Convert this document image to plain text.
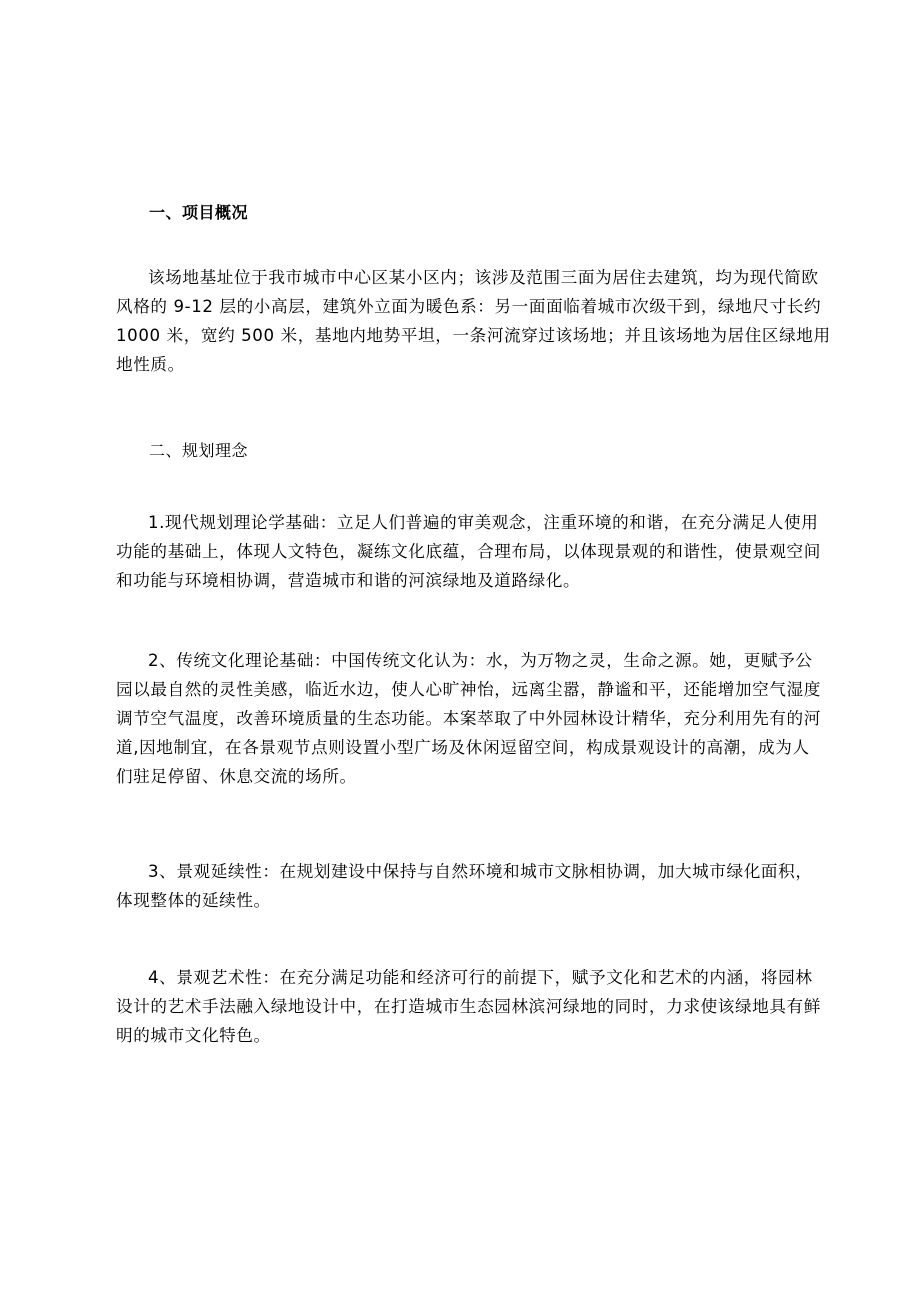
一、项目概况
该场地基址位于我市城市中心区某小区内；该涉及范围三面为居住去建筑，均为现代简欧
风格的 9-12 层的小高层，建筑外立面为暖色系：另一面面临着城市次级干到，绿地尺寸长约
1000 米，宽约 500 米，基地内地势平坦，一条河流穿过该场地；并且该场地为居住区绿地用
地性质。
二、规划理念
1.现代规划理论学基础：立足人们普遍的审美观念，注重环境的和谐，在充分满足人使用
功能的基础上，体现人文特色，凝练文化底蕴，合理布局，以体现景观的和谐性，使景观空间
和功能与环境相协调，营造城市和谐的河滨绿地及道路绿化。
2、传统文化理论基础：中国传统文化认为：水，为万物之灵，生命之源。她，更赋予公
园以最自然的灵性美感，临近水边，使人心旷神怡，远离尘嚣，静谧和平，还能增加空气湿度
调节空气温度，改善环境质量的生态功能。本案萃取了中外园林设计精华，充分利用先有的河
道,因地制宜，在各景观节点则设置小型广场及休闲逗留空间，构成景观设计的高潮，成为人
们驻足停留、休息交流的场所。
3、景观延续性：在规划建设中保持与自然环境和城市文脉相协调，加大城市绿化面积，
体现整体的延续性。
4、景观艺术性：在充分满足功能和经济可行的前提下，赋予文化和艺术的内涵，将园林
设计的艺术手法融入绿地设计中，在打造城市生态园林滨河绿地的同时，力求使该绿地具有鲜
明的城市文化特色。
